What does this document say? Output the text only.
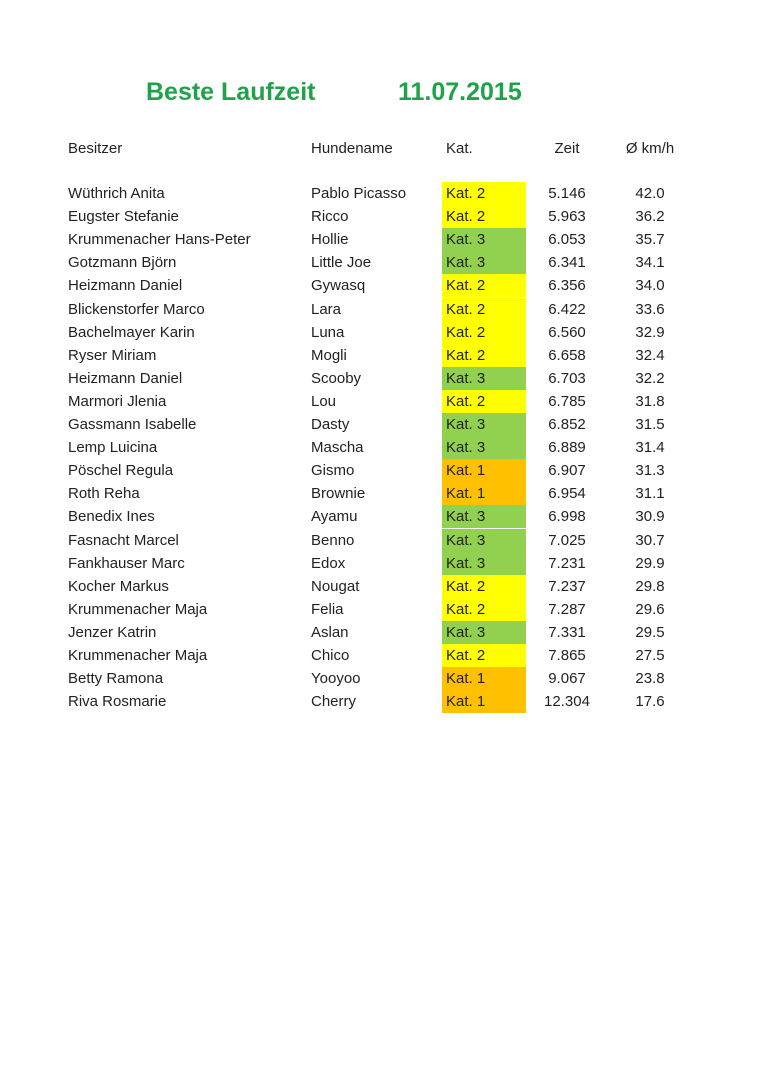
Beste Laufzeit	11.07.2015
Besitzer	Hundename	Kat.	Zeit	Ø km/h
Wüthrich Anita	Pablo Picasso	Kat. 2	5.146	42.0
Eugster Stefanie	Ricco	Kat. 2	5.963	36.2
Krummenacher Hans-Peter	Hollie	Kat. 3	6.053	35.7
Gotzmann Björn	Little Joe	Kat. 3	6.341	34.1
Heizmann Daniel	Gywasq	Kat. 2	6.356	34.0
Blickenstorfer Marco	Lara	Kat. 2	6.422	33.6
Bachelmayer Karin	Luna	Kat. 2	6.560	32.9
Ryser Miriam	Mogli	Kat. 2	6.658	32.4
Heizmann Daniel	Scooby	Kat. 3	6.703	32.2
Marmori Jlenia	Lou	Kat. 2	6.785	31.8
Gassmann Isabelle	Dasty	Kat. 3	6.852	31.5
Lemp Luicina	Mascha	Kat. 3	6.889	31.4
Pöschel Regula	Gismo	Kat. 1	6.907	31.3
Roth Reha	Brownie	Kat. 1	6.954	31.1
Benedix Ines	Ayamu	Kat. 3	6.998	30.9
Fasnacht Marcel	Benno	Kat. 3	7.025	30.7
Fankhauser Marc	Edox	Kat. 3	7.231	29.9
Kocher Markus	Nougat	Kat. 2	7.237	29.8
Krummenacher Maja	Felia	Kat. 2	7.287	29.6
Jenzer Katrin	Aslan	Kat. 3	7.331	29.5
Krummenacher Maja	Chico	Kat. 2	7.865	27.5
Betty Ramona	Yooyoo	Kat. 1	9.067	23.8
Riva Rosmarie	Cherry	Kat. 1	12.304	17.6
